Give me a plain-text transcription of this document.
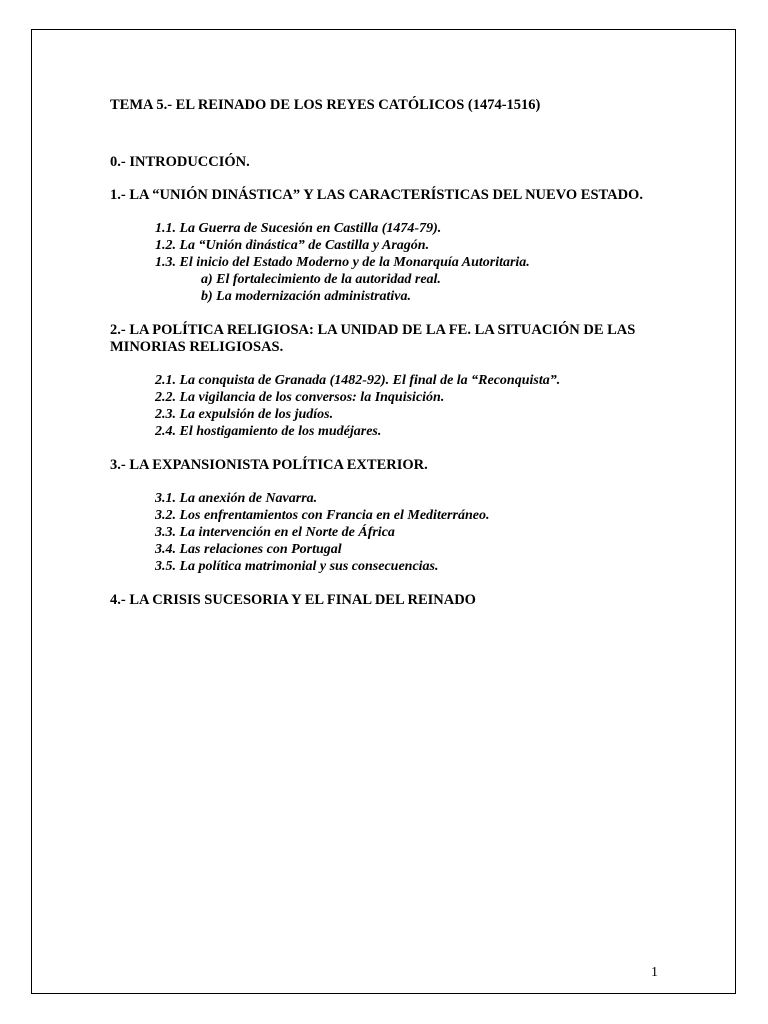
TEMA 5.- EL REINADO DE LOS REYES CATÓLICOS (1474-1516)

0.- INTRODUCCIÓN.

1.- LA “UNIÓN DINÁSTICA” Y LAS CARACTERÍSTICAS DEL NUEVO ESTADO.

1.1. La Guerra de Sucesión en Castilla (1474-79).
1.2. La “Unión dinástica” de Castilla y Aragón.
1.3. El inicio del Estado Moderno y de la Monarquía Autoritaria.
a) El fortalecimiento de la autoridad real.
b) La modernización administrativa.

2.- LA POLÍTICA RELIGIOSA: LA UNIDAD DE LA FE. LA SITUACIÓN DE LAS MINORIAS RELIGIOSAS.

2.1. La conquista de Granada (1482-92). El final de la “Reconquista”.
2.2. La vigilancia de los conversos: la Inquisición.
2.3. La expulsión de los judíos.
2.4. El hostigamiento de los mudéjares.

3.- LA EXPANSIONISTA POLÍTICA EXTERIOR.

3.1. La anexión de Navarra.
3.2. Los enfrentamientos con Francia en el Mediterráneo.
3.3. La intervención en el Norte de África
3.4. Las relaciones con Portugal
3.5. La política matrimonial y sus consecuencias.

4.- LA CRISIS SUCESORIA Y EL FINAL DEL REINADO

1
